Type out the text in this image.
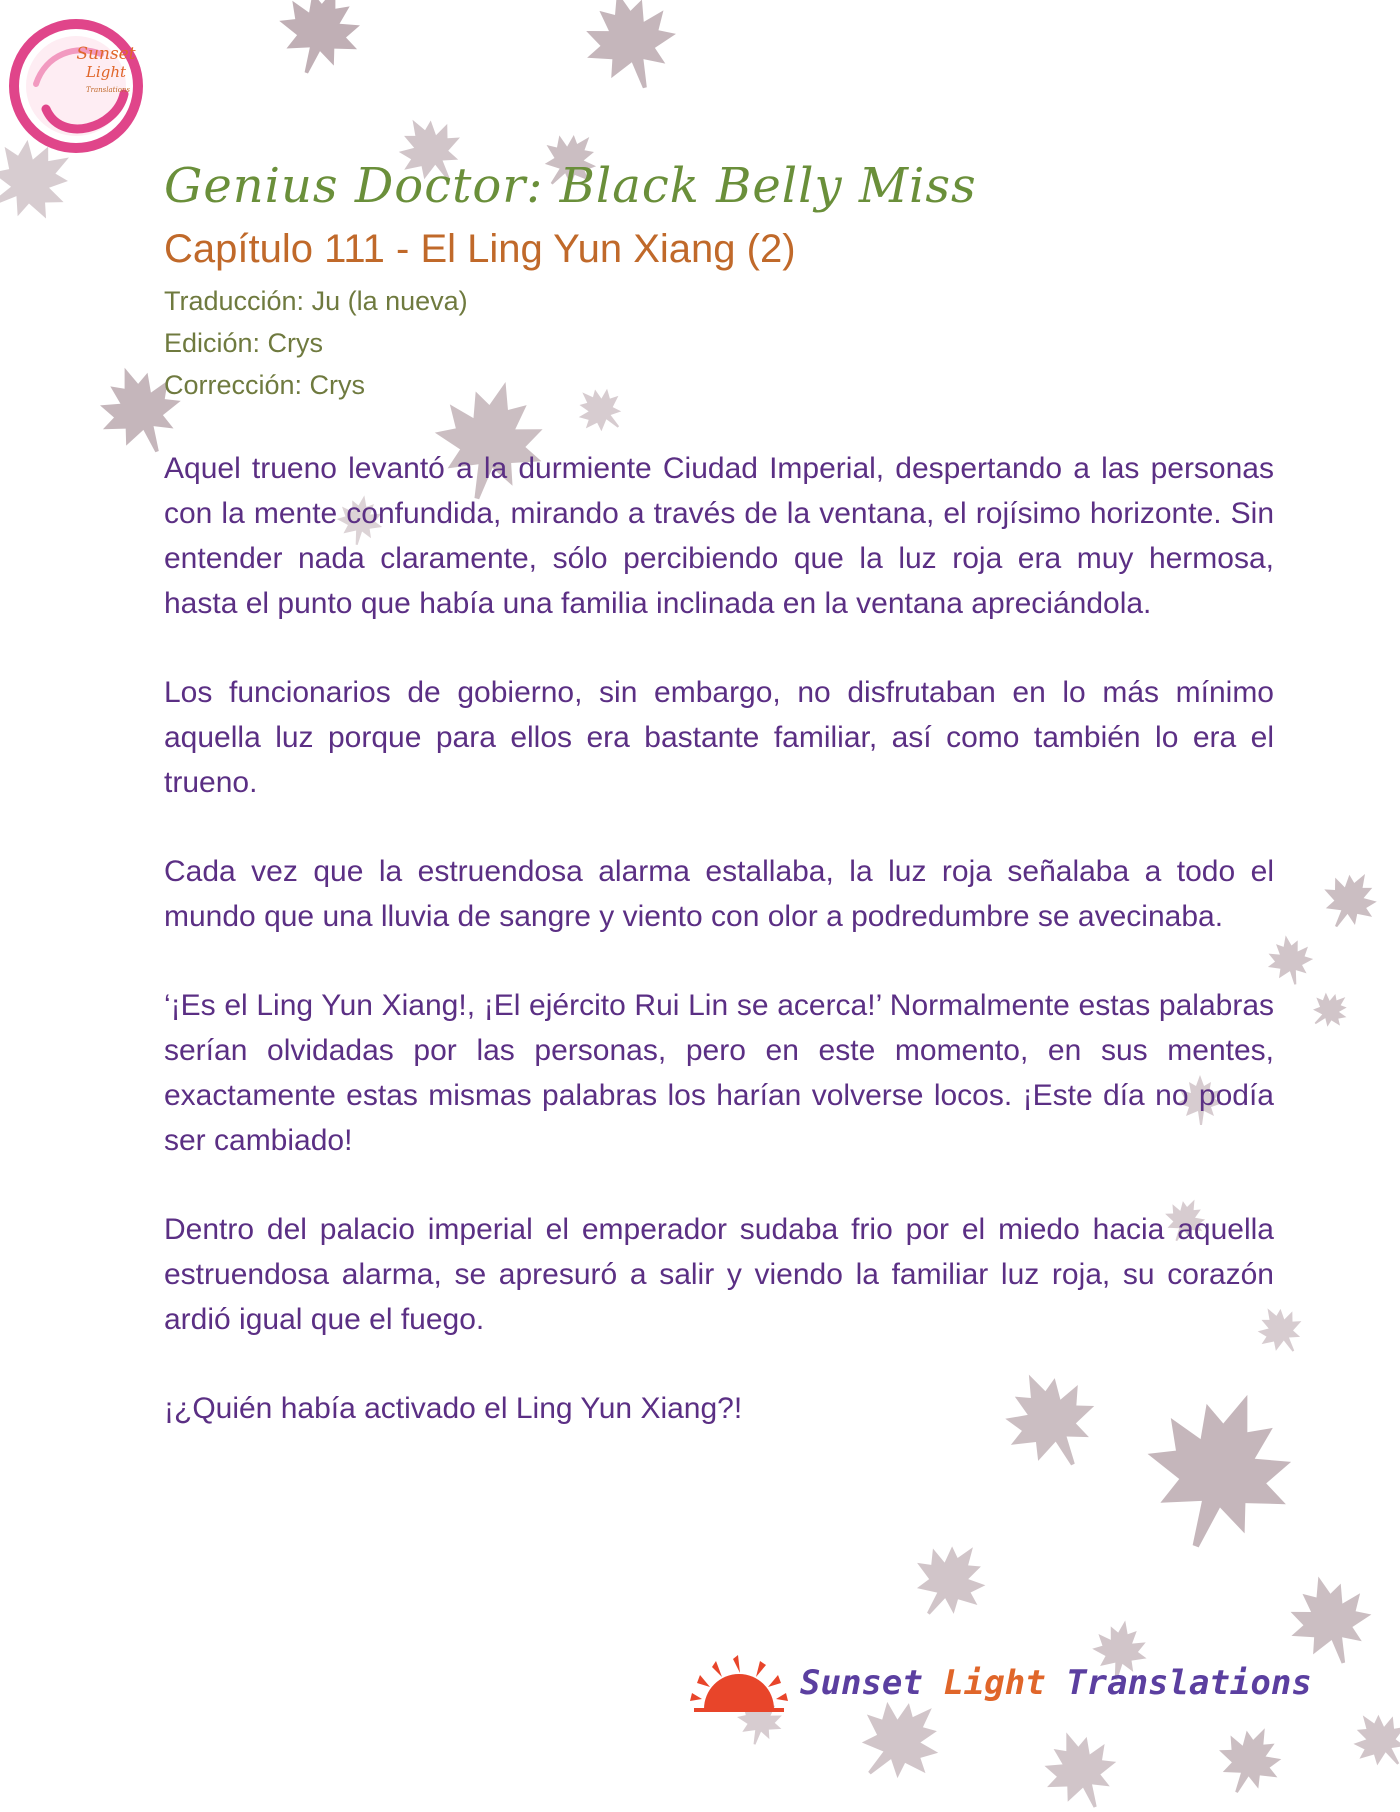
Sunset
Light
Translations
Genius Doctor: Black Belly Miss
Capítulo 111 - El Ling Yun Xiang (2)

Traducción: Ju (la nueva)

Edición: Crys

Corrección: Crys

Aquel trueno levantó a la durmiente Ciudad Imperial, despertando a las personas con la mente confundida, mirando a través de la ventana, el rojísimo horizonte. Sin entender nada claramente, sólo percibiendo que la luz roja era muy hermosa, hasta el punto que había una familia inclinada en la ventana apreciándola.

Los funcionarios de gobierno, sin embargo, no disfrutaban en lo más mínimo aquella luz porque para ellos era bastante familiar, así como también lo era el trueno.

Cada vez que la estruendosa alarma estallaba, la luz roja señalaba a todo el mundo que una lluvia de sangre y viento con olor a podredumbre se avecinaba.

‘¡Es el Ling Yun Xiang!, ¡El ejército Rui Lin se acerca!’ Normalmente estas palabras serían olvidadas por las personas, pero en este momento, en sus mentes, exactamente estas mismas palabras los harían volverse locos. ¡Este día no podía ser cambiado!

Dentro del palacio imperial el emperador sudaba frio por el miedo hacia aquella estruendosa alarma, se apresuró a salir y viendo la familiar luz roja, su corazón ardió igual que el fuego.

¡¿Quién había activado el Ling Yun Xiang?!

Sunset Light Translations
